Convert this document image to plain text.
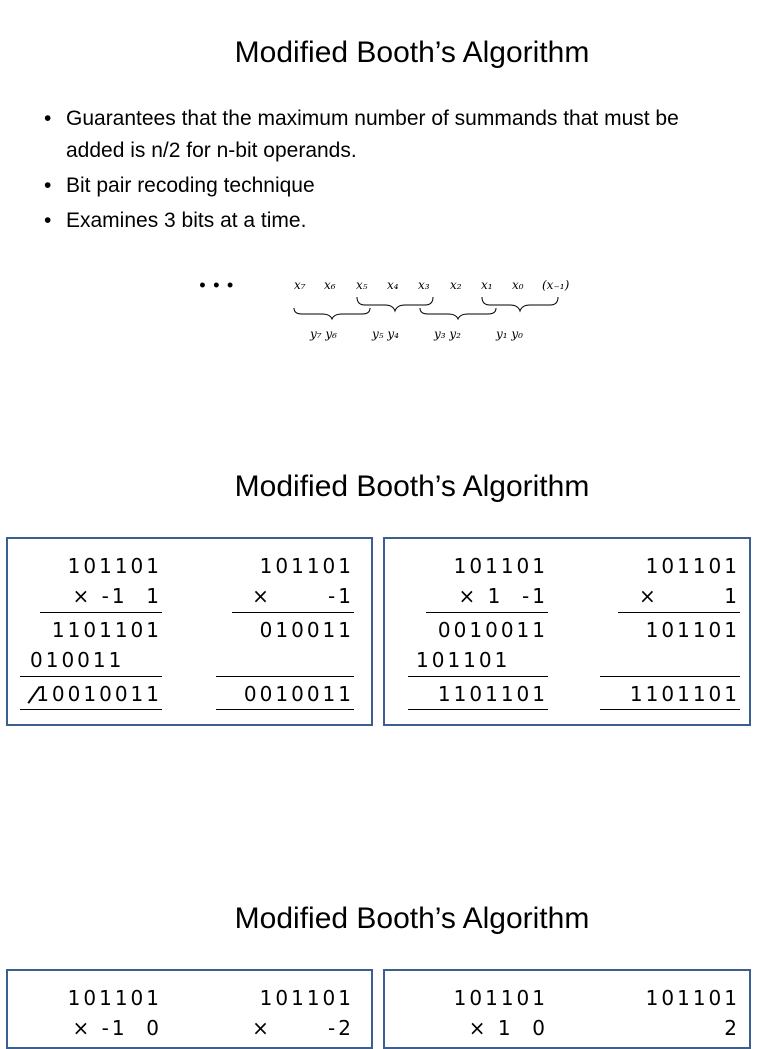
Modified Booth’s Algorithm
• Guarantees that the maximum number of summands that must be added is n/2 for n-bit operands.
• Bit pair recoding technique
• Examines 3 bits at a time.
• • •	x₇ x₆ x₅ x₄ x₃ x₂ x₁ x₀ (x₋₁)
y₇ y₆	y₅ y₄	y₃ y₂	y₁ y₀
Modified Booth’s Algorithm
101101
× -1  1
1101101
010011
10010011
101101
×      -1
010011
0010011
101101
× 1  -1
0010011
101101
1101101
101101
×       1
101101
1101101
Modified Booth’s Algorithm
101101
× -1  0
101101
×      -2
101101
× 1  0
101101
2
